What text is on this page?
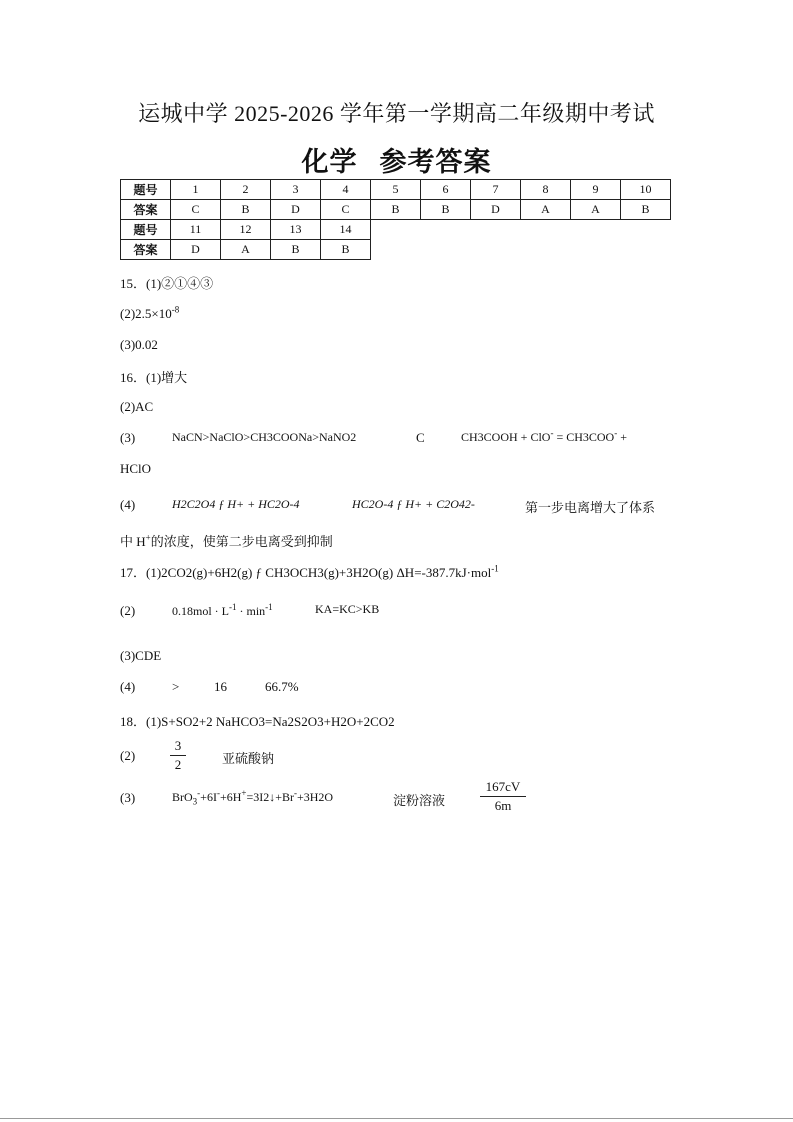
运城中学 2025-2026 学年第一学期高二年级期中考试
化学 参考答案
题号	1	2	3	4	5	6	7	8	9	10
答案	C	B	D	C	B	B	D	A	A	B
题号	11	12	13	14						
答案	D	A	B	B						
15．(1)②①④③
$(2)2.5\times 10^{-8}$
(3)0.02
16．(1)增大
(2)AC
(3)	NaCN>NaClO>CH3COONa>NaNO2	C	CH3COOH + ClO- = CH3COO- +
HClO
(4)	H2C2O4 ƒ H+ + HC2O-4	HC2O-4 ƒ H+ + C2O42-	第一步电离增大了体系
中 H+的浓度，使第二步电离受到抑制
17．(1)2CO2(g)+6H2(g) ƒ CH3OCH3(g)+3H2O(g) ΔH=-387.7kJ·mol$^{-1}$
(2)	$0.18mol \cdot L^{-1} \cdot \min^{-1}$	KA=KC>KB
(3)CDE
(4)	>	16	66.7%
18．(1)S+SO2+2 NaHCO3=Na2S2O3+H2O+2CO2
(2)
3
2	亚硫酸钠
(3)	BrO$_3$-+6I-+6H+=3I2↓+Br-+3H2O	淀粉溶液
167cV
6m
